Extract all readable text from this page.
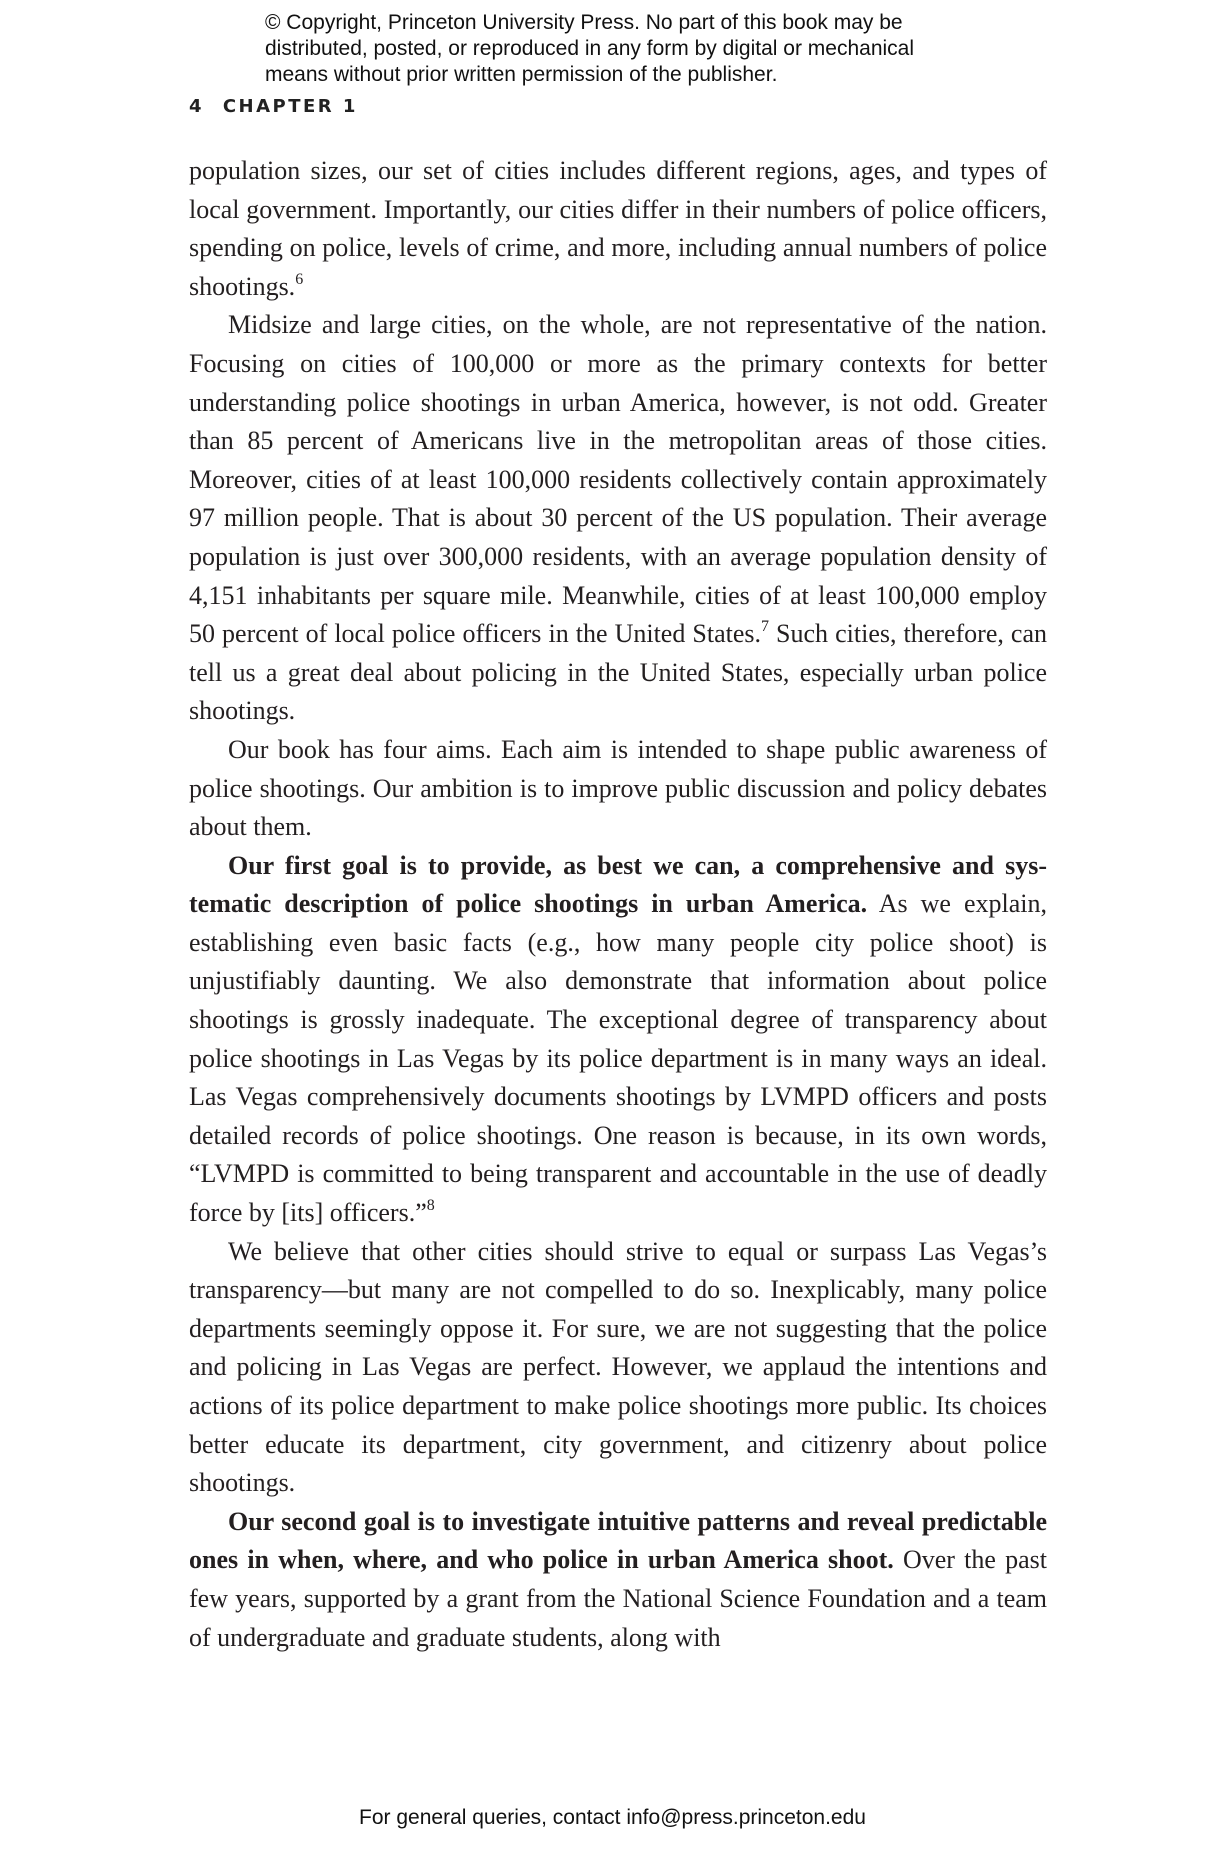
© Copyright, Princeton University Press. No part of this book may be
distributed, posted, or reproduced in any form by digital or mechanical
means without prior written permission of the publisher.
4 CHAPTER 1

population sizes, our set of cities includes different regions, ages, and types of local government. Importantly, our cities differ in their numbers of police officers, spending on police, levels of crime, and more, including annual numbers of police shootings.$^6$

Midsize and large cities, on the whole, are not representative of the nation. Focusing on cities of 100,000 or more as the primary contexts for better understanding police shootings in urban America, however, is not odd. Greater than 85 percent of Americans live in the metropolitan areas of those cities. Moreover, cities of at least 100,000 residents collectively contain approximately 97 million people. That is about 30 percent of the US population. Their average population is just over 300,000 residents, with an average population density of 4,151 inhabitants per square mile. Meanwhile, cities of at least 100,000 employ 50 percent of local police officers in the United States.$^7$ Such cities, therefore, can tell us a great deal about policing in the United States, especially urban police shootings.

Our book has four aims. Each aim is intended to shape public awareness of police shootings. Our ambition is to improve public discussion and policy debates about them.

Our first goal is to provide, as best we can, a comprehensive and systematic description of police shootings in urban America. As we explain, establishing even basic facts (e.g., how many people city police shoot) is unjustifiably daunting. We also demonstrate that information about police shootings is grossly inadequate. The exceptional degree of transparency about police shootings in Las Vegas by its police department is in many ways an ideal. Las Vegas comprehensively documents shootings by LVMPD officers and posts detailed records of police shootings. One reason is because, in its own words, “LVMPD is committed to being transparent and accountable in the use of deadly force by [its] officers.”$^8$

We believe that other cities should strive to equal or surpass Las Vegas’s transparency—but many are not compelled to do so. Inexplicably, many police departments seemingly oppose it. For sure, we are not suggesting that the police and policing in Las Vegas are perfect. However, we applaud the intentions and actions of its police department to make police shootings more public. Its choices better educate its department, city government, and citizenry about police shootings.

Our second goal is to investigate intuitive patterns and reveal predictable ones in when, where, and who police in urban America shoot. Over the past few years, supported by a grant from the National Science Foundation and a team of undergraduate and graduate students, along with

For general queries, contact info@press.princeton.edu
